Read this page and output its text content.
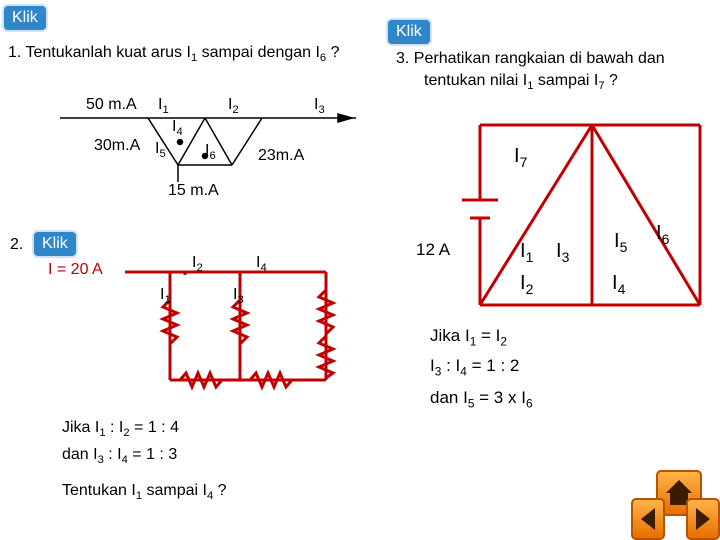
Klik
Klik
1. Tentukanlah kuat arus $I_1$ sampai dengan $I_6$ ?	3. Perhatikan rangkaian di bawah dan
tentukan nilai $I_1$ sampai $I_7$ ?
50 m.A $I_1$	$I_2$	$I_3$
$I_4$
30m.A $I_5$ $I_6$	23m.A
15 m.A
2.	Klik
I = 20 A	$I_2$	$I_4$
$I_1$	$I_3$
Jika $I_1$ : $I_2 = 1$ : 4
dan $I_3$ : $I_4 = 1$ : 3
Tentukan $I_1$ sampai $I_4$ ?
12 A
$I_7$
$I_1$ $I_3$
$I_5$
$I_6$
$I_2$	$I_4$
Jika $I_1 = I_2$
$I_3$ : $I_4 = 1$ : 2
dan $I_5 = 3$ x $I_6$
